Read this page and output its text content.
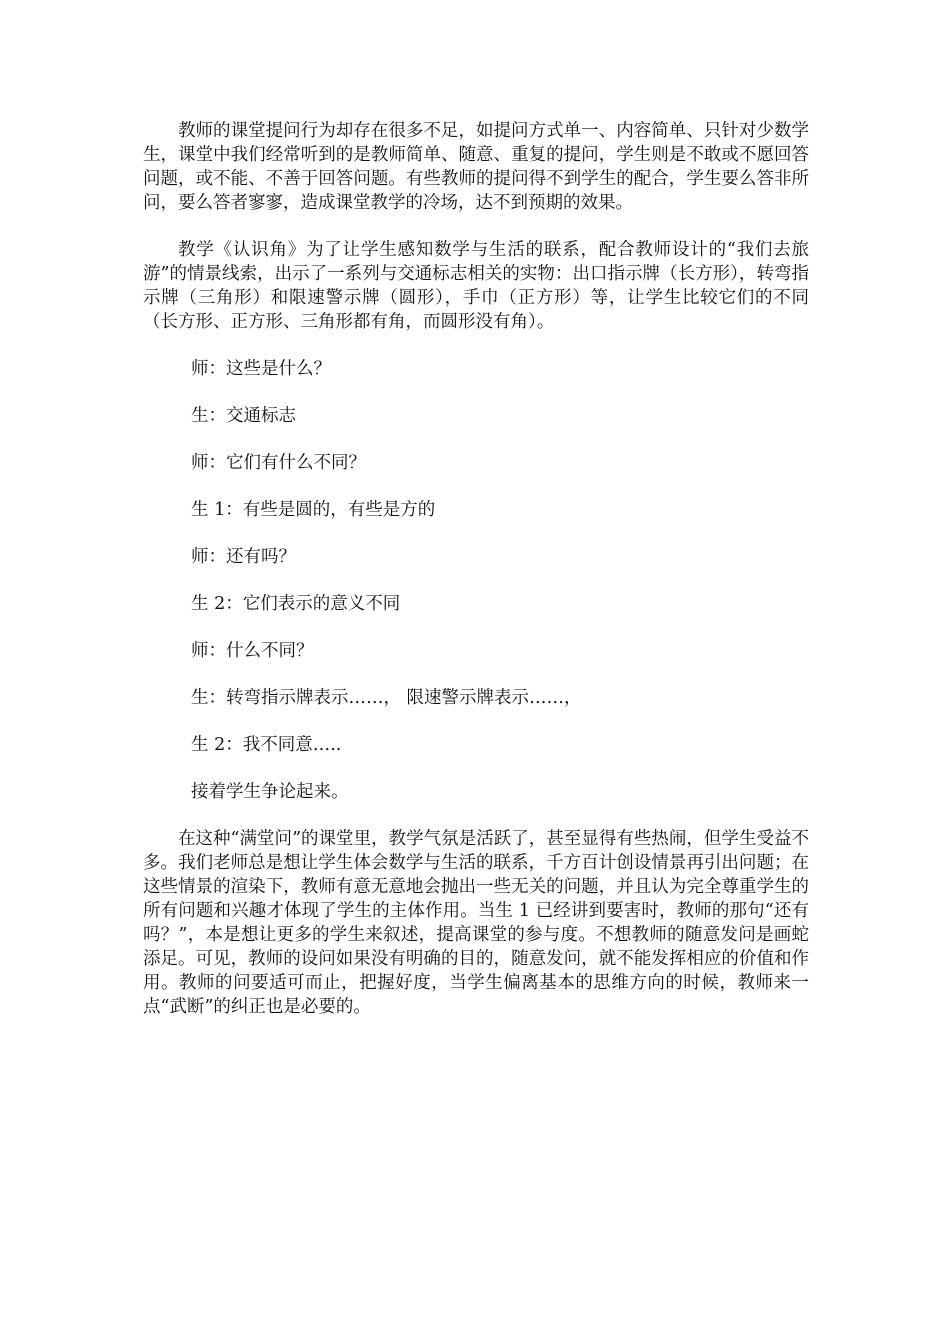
教师的课堂提问行为却存在很多不足，如提问方式单一、内容简单、只针对少数学生，课堂中我们经常听到的是教师简单、随意、重复的提问，学生则是不敢或不愿回答问题，或不能、不善于回答问题。有些教师的提问得不到学生的配合，学生要么答非所问，要么答者寥寥，造成课堂教学的冷场，达不到预期的效果。

教学《认识角》为了让学生感知数学与生活的联系，配合教师设计的“我们去旅游”的情景线索，出示了一系列与交通标志相关的实物：出口指示牌（长方形），转弯指示牌（三角形）和限速警示牌（圆形），手巾（正方形）等，让学生比较它们的不同（长方形、正方形、三角形都有角，而圆形没有角）。

师：这些是什么？

生：交通标志

师：它们有什么不同？

生 1：有些是圆的，有些是方的

师：还有吗？

生 2：它们表示的意义不同

师：什么不同？

生：转弯指示牌表示……， 限速警示牌表示……，

生 2：我不同意…..

接着学生争论起来。

在这种“满堂问”的课堂里，教学气氛是活跃了，甚至显得有些热闹，但学生受益不多。我们老师总是想让学生体会数学与生活的联系，千方百计创设情景再引出问题；在这些情景的渲染下，教师有意无意地会抛出一些无关的问题，并且认为完全尊重学生的所有问题和兴趣才体现了学生的主体作用。当生 1 已经讲到要害时，教师的那句“还有吗？”，本是想让更多的学生来叙述，提高课堂的参与度。不想教师的随意发问是画蛇添足。可见，教师的设问如果没有明确的目的，随意发问，就不能发挥相应的价值和作用。教师的问要适可而止，把握好度，当学生偏离基本的思维方向的时候，教师来一点“武断”的纠正也是必要的。
